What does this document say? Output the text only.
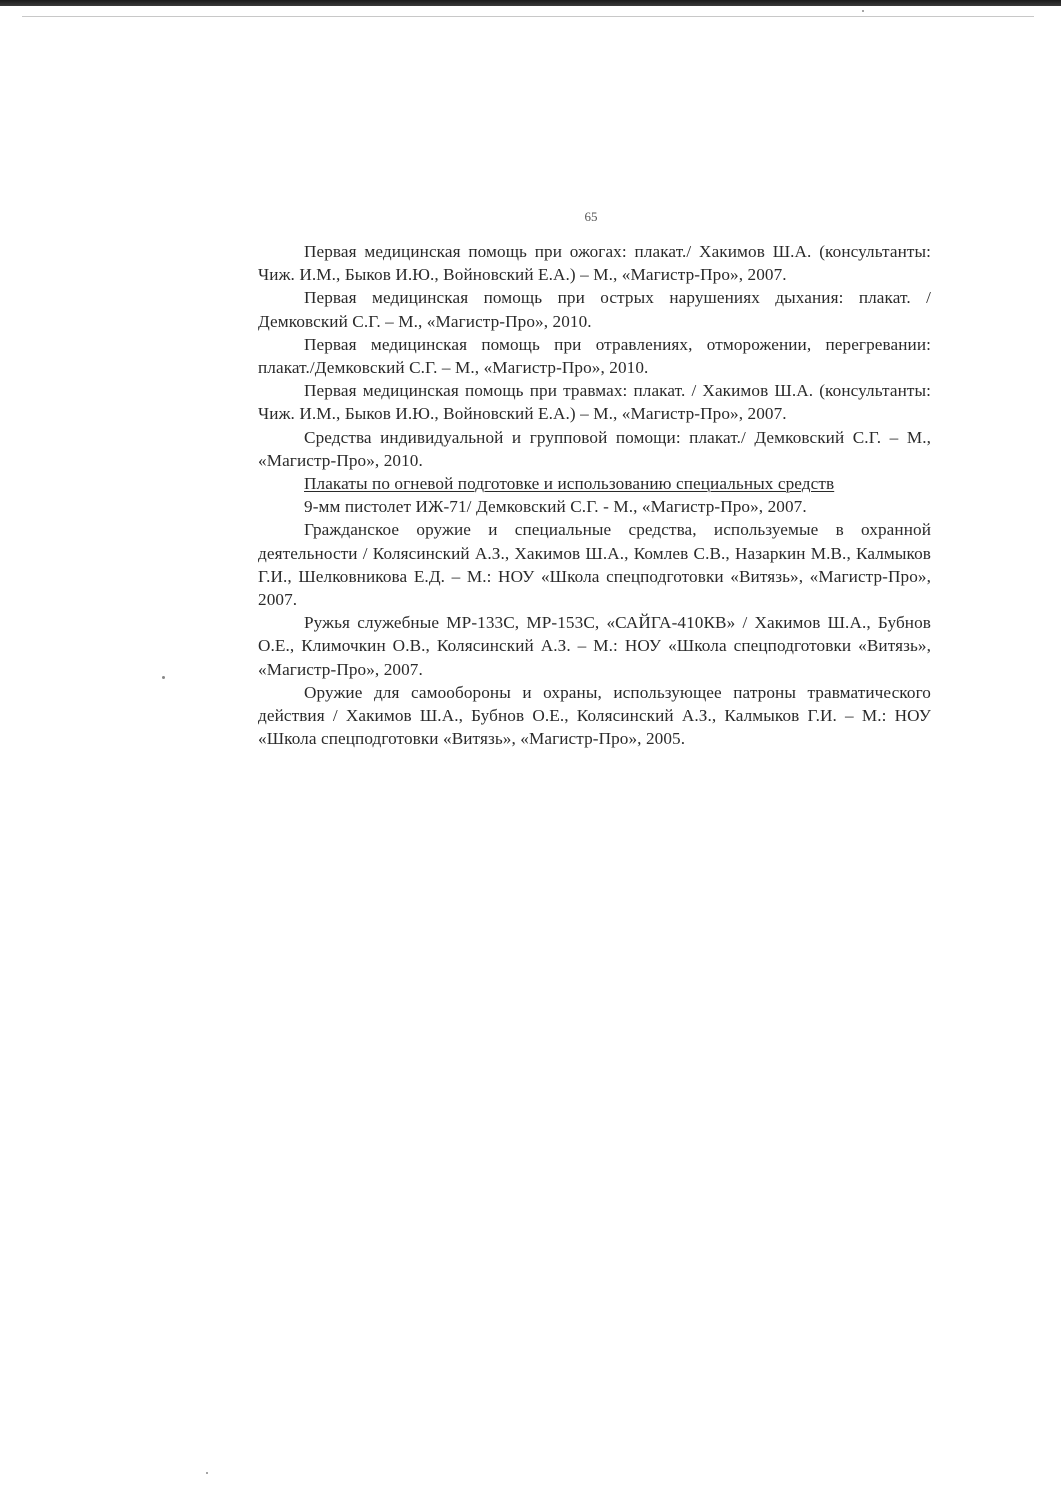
65

Первая медицинская помощь при ожогах: плакат./ Хакимов Ш.А. (консультанты: Чиж. И.М., Быков И.Ю., Войновский Е.А.) – М., «Магистр-Про», 2007.

Первая медицинская помощь при острых нарушениях дыхания: плакат. /Демковский С.Г. – М., «Магистр-Про», 2010.

Первая медицинская помощь при отравлениях, отморожении, перегревании: плакат./Демковский С.Г. – М., «Магистр-Про», 2010.

Первая медицинская помощь при травмах: плакат. / Хакимов Ш.А. (консультанты: Чиж. И.М., Быков И.Ю., Войновский Е.А.) – М., «Магистр-Про», 2007.

Средства индивидуальной и групповой помощи: плакат./ Демковский С.Г. – М., «Магистр-Про», 2010.

Плакаты по огневой подготовке и использованию специальных средств

9-мм пистолет ИЖ-71/ Демковский С.Г. - М., «Магистр-Про», 2007.

Гражданское оружие и специальные средства, используемые в охранной деятельности / Колясинский А.З., Хакимов Ш.А., Комлев С.В., Назаркин М.В., Калмыков Г.И., Шелковникова Е.Д. – М.: НОУ «Школа спецподготовки «Витязь», «Магистр-Про», 2007.

Ружья служебные МР-133С, МР-153С, «САЙГА-410КВ» / Хакимов Ш.А., Бубнов О.Е., Климочкин О.В., Колясинский А.З. – М.: НОУ «Школа спецподготовки «Витязь», «Магистр-Про», 2007.

Оружие для самообороны и охраны, использующее патроны травматического действия / Хакимов Ш.А., Бубнов О.Е., Колясинский А.З., Калмыков Г.И. – М.: НОУ «Школа спецподготовки «Витязь», «Магистр-Про», 2005.
